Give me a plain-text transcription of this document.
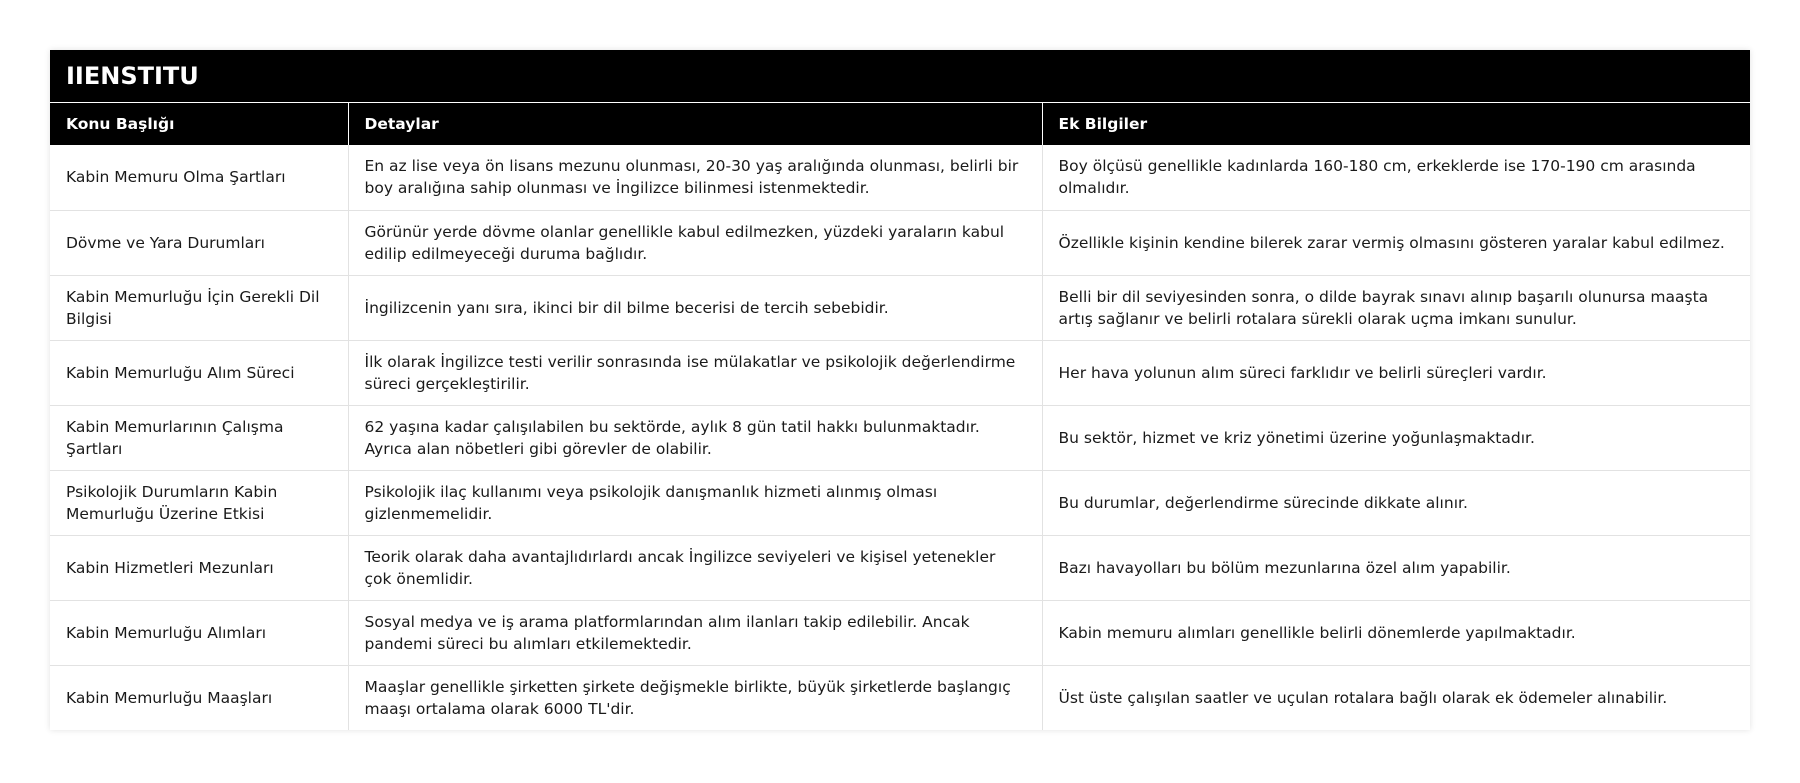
IIENSTITU
Konu Başlığı	Detaylar	Ek Bilgiler
Kabin Memuru Olma Şartları	En az lise veya ön lisans mezunu olunması, 20-30 yaş aralığında olunması, belirli bir boy aralığına sahip olunması ve İngilizce bilinmesi istenmektedir.	Boy ölçüsü genellikle kadınlarda 160-180 cm, erkeklerde ise 170-190 cm arasında olmalıdır.
Dövme ve Yara Durumları	Görünür yerde dövme olanlar genellikle kabul edilmezken, yüzdeki yaraların kabul edilip edilmeyeceği duruma bağlıdır.	Özellikle kişinin kendine bilerek zarar vermiş olmasını gösteren yaralar kabul edilmez.
Kabin Memurluğu İçin Gerekli Dil Bilgisi	İngilizcenin yanı sıra, ikinci bir dil bilme becerisi de tercih sebebidir.	Belli bir dil seviyesinden sonra, o dilde bayrak sınavı alınıp başarılı olunursa maaşta artış sağlanır ve belirli rotalara sürekli olarak uçma imkanı sunulur.
Kabin Memurluğu Alım Süreci	İlk olarak İngilizce testi verilir sonrasında ise mülakatlar ve psikolojik değerlendirme süreci gerçekleştirilir.	Her hava yolunun alım süreci farklıdır ve belirli süreçleri vardır.
Kabin Memurlarının Çalışma Şartları	62 yaşına kadar çalışılabilen bu sektörde, aylık 8 gün tatil hakkı bulunmaktadır. Ayrıca alan nöbetleri gibi görevler de olabilir.	Bu sektör, hizmet ve kriz yönetimi üzerine yoğunlaşmaktadır.
Psikolojik Durumların Kabin Memurluğu Üzerine Etkisi	Psikolojik ilaç kullanımı veya psikolojik danışmanlık hizmeti alınmış olması gizlenmemelidir.	Bu durumlar, değerlendirme sürecinde dikkate alınır.
Kabin Hizmetleri Mezunları	Teorik olarak daha avantajlıdırlardı ancak İngilizce seviyeleri ve kişisel yetenekler çok önemlidir.	Bazı havayolları bu bölüm mezunlarına özel alım yapabilir.
Kabin Memurluğu Alımları	Sosyal medya ve iş arama platformlarından alım ilanları takip edilebilir. Ancak pandemi süreci bu alımları etkilemektedir.	Kabin memuru alımları genellikle belirli dönemlerde yapılmaktadır.
Kabin Memurluğu Maaşları	Maaşlar genellikle şirketten şirkete değişmekle birlikte, büyük şirketlerde başlangıç maaşı ortalama olarak 6000 TL'dir.	Üst üste çalışılan saatler ve uçulan rotalara bağlı olarak ek ödemeler alınabilir.
